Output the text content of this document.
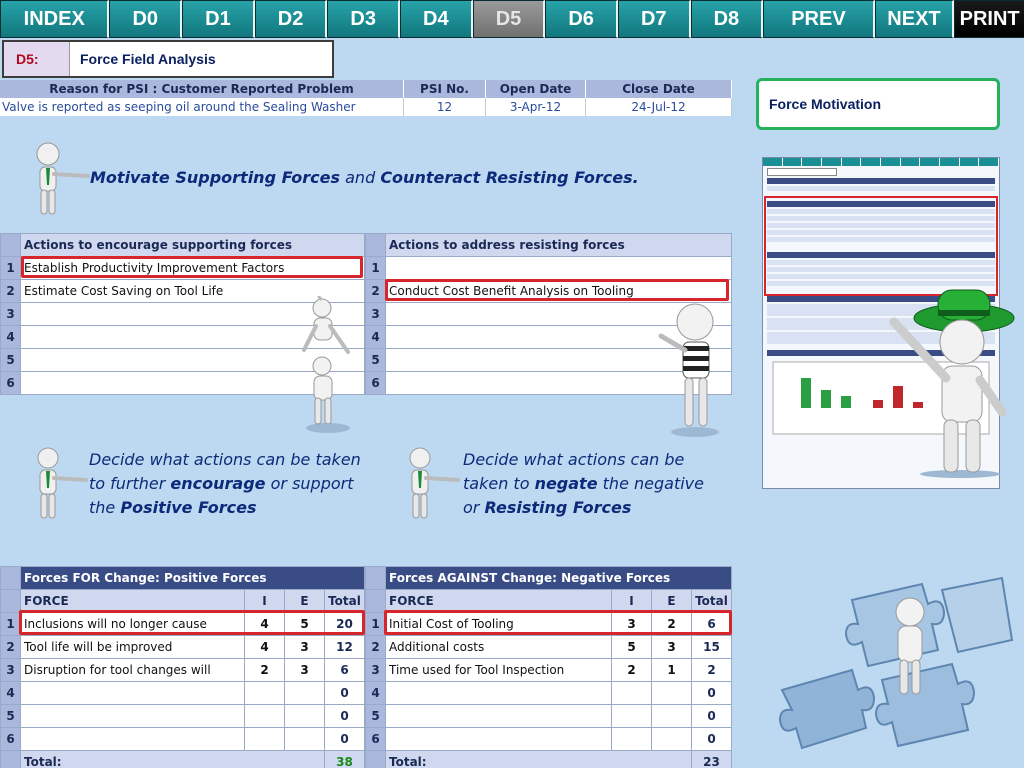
INDEX	D0	D1	D2	D3	D4	D5	D6	D7	D8	PREV	NEXT PRINT
D5:	Force Field Analysis
Reason for PSI : Customer Reported Problem	PSI No.	Open Date	Close Date
Valve is reported as seeping oil around the Sealing Washer	12	3-Apr-12	24-Jul-12	Force Motivation
Motivate Supporting Forces and Counteract Resisting Forces.
	Actions to encourage supporting forces
1	Establish Productivity Improvement Factors
2	Estimate Cost Saving on Tool Life
3	
4	
5	
6	
	Actions to address resisting forces
1	
2	Conduct Cost Benefit Analysis on Tooling
3	
4	
5	
6	
Decide what actions can be taken
to further encourage or support
the Positive Forces
Decide what actions can be
taken to negate the negative
or Resisting Forces
	Forces FOR Change: Positive Forces			
	FORCE	I	E	Total
1	Inclusions will no longer cause	4	5	20
2	Tool life will be improved	4	3	12
3	Disruption for tool changes will	2	3	6
4				0
5				0
6				0
	Total:			38
	Forces AGAINST Change: Negative Forces			
	FORCE	I	E	Total
1	Initial Cost of Tooling	3	2	6
2	Additional costs	5	3	15
3	Time used for Tool Inspection	2	1	2
4				0
5				0
6				0
	Total:			23
